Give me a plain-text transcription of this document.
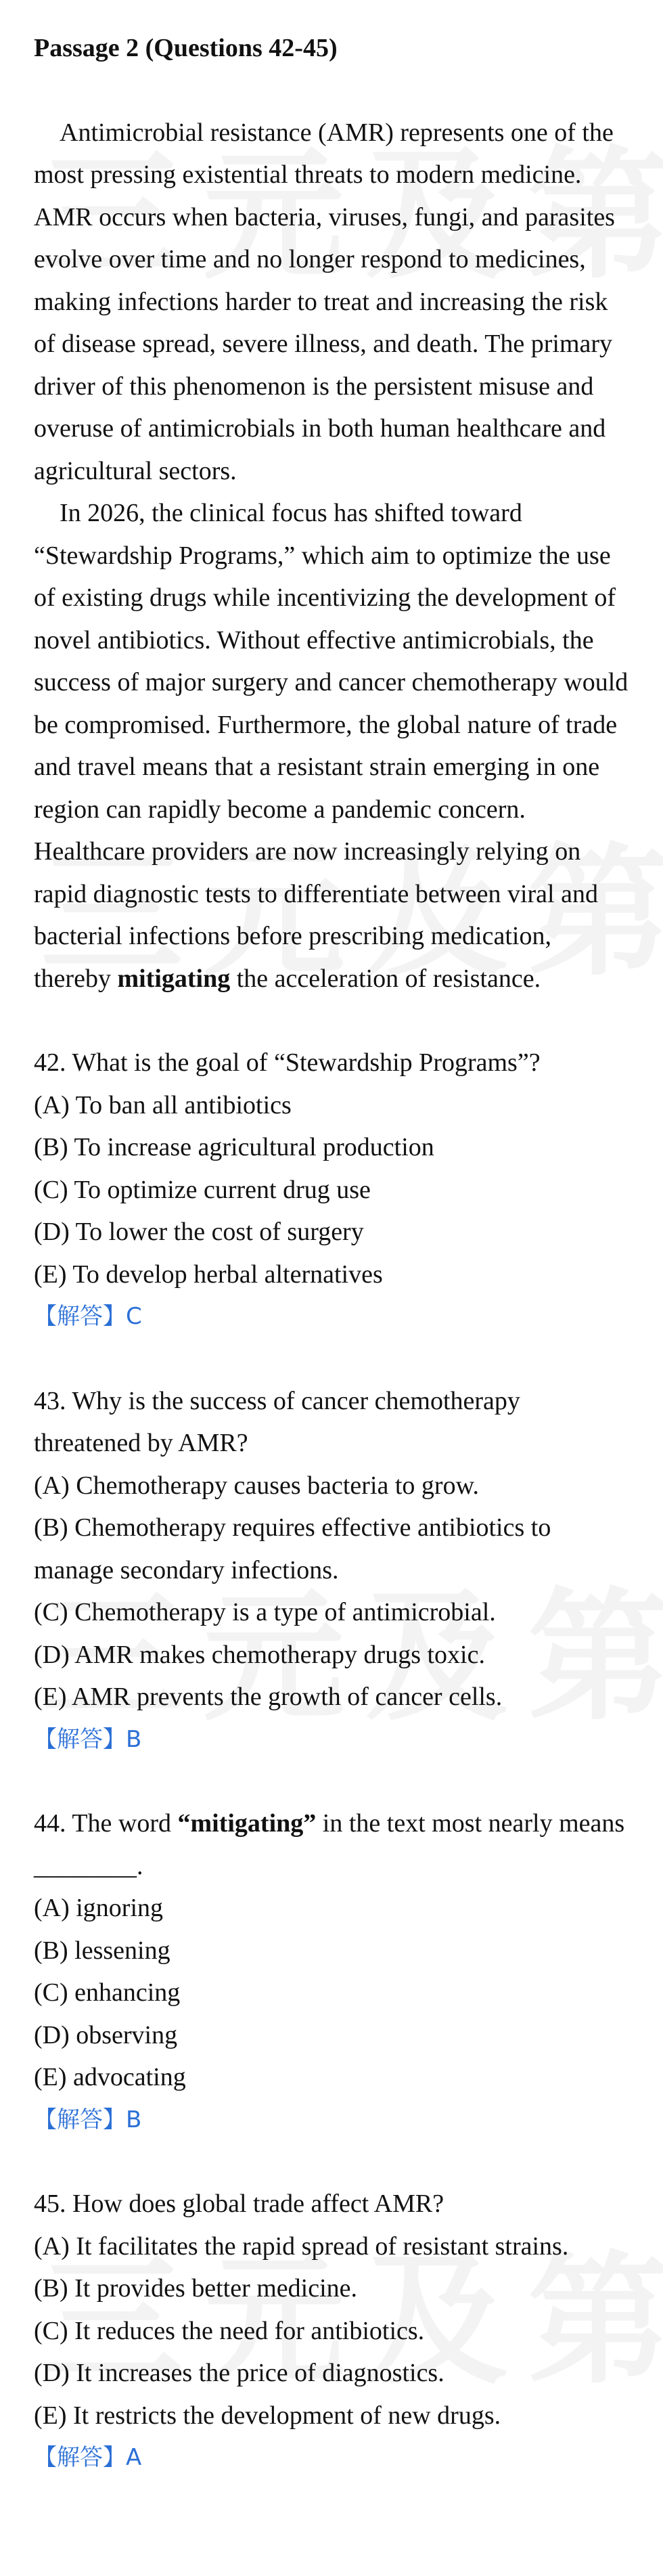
Passage 2 (Questions 42-45)

Antimicrobial resistance (AMR) represents one of the most pressing existential threats to modern medicine. AMR occurs when bacteria, viruses, fungi, and parasites evolve over time and no longer respond to medicines, making infections harder to treat and increasing the risk of disease spread, severe illness, and death. The primary driver of this phenomenon is the persistent misuse and overuse of antimicrobials in both human healthcare and agricultural sectors.

In 2026, the clinical focus has shifted toward “Stewardship Programs,” which aim to optimize the use of existing drugs while incentivizing the development of novel antibiotics. Without effective antimicrobials, the success of major surgery and cancer chemotherapy would be compromised. Furthermore, the global nature of trade and travel means that a resistant strain emerging in one region can rapidly become a pandemic concern. Healthcare providers are now increasingly relying on rapid diagnostic tests to differentiate between viral and bacterial infections before prescribing medication, thereby mitigating the acceleration of resistance.

42. What is the goal of “Stewardship Programs”?

(A) To ban all antibiotics

(B) To increase agricultural production

(C) To optimize current drug use

(D) To lower the cost of surgery

(E) To develop herbal alternatives

【解答】C

43. Why is the success of cancer chemotherapy threatened by AMR?

(A) Chemotherapy causes bacteria to grow.

(B) Chemotherapy requires effective antibiotics to manage secondary infections.

(C) Chemotherapy is a type of antimicrobial.

(D) AMR makes chemotherapy drugs toxic.

(E) AMR prevents the growth of cancer cells.

【解答】B

44. The word “mitigating” in the text most nearly means ________.

(A) ignoring

(B) lessening

(C) enhancing

(D) observing

(E) advocating

【解答】B

45. How does global trade affect AMR?

(A) It facilitates the rapid spread of resistant strains.

(B) It provides better medicine.

(C) It reduces the need for antibiotics.

(D) It increases the price of diagnostics.

(E) It restricts the development of new drugs.

【解答】A
